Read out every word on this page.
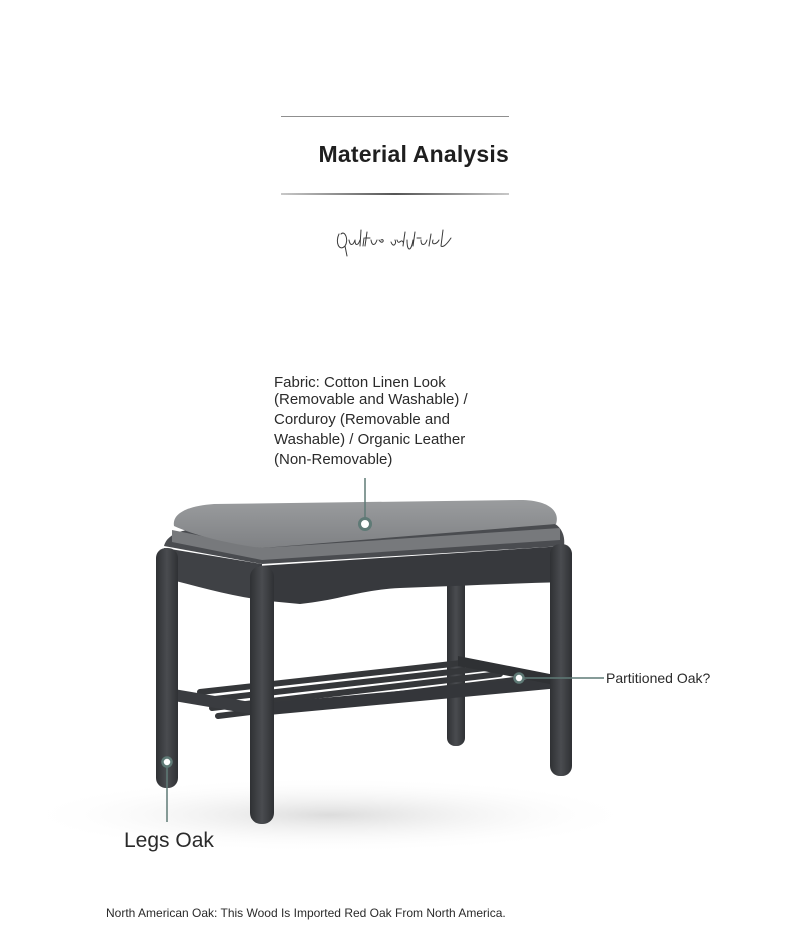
Material Analysis
Fabric: Cotton Linen Look
(Removable and Washable) / Corduroy (Removable and Washable) / Organic Leather (Non-Removable)
Partitioned Oak?
Legs Oak
North American Oak: This Wood Is Imported Red Oak From North America.
